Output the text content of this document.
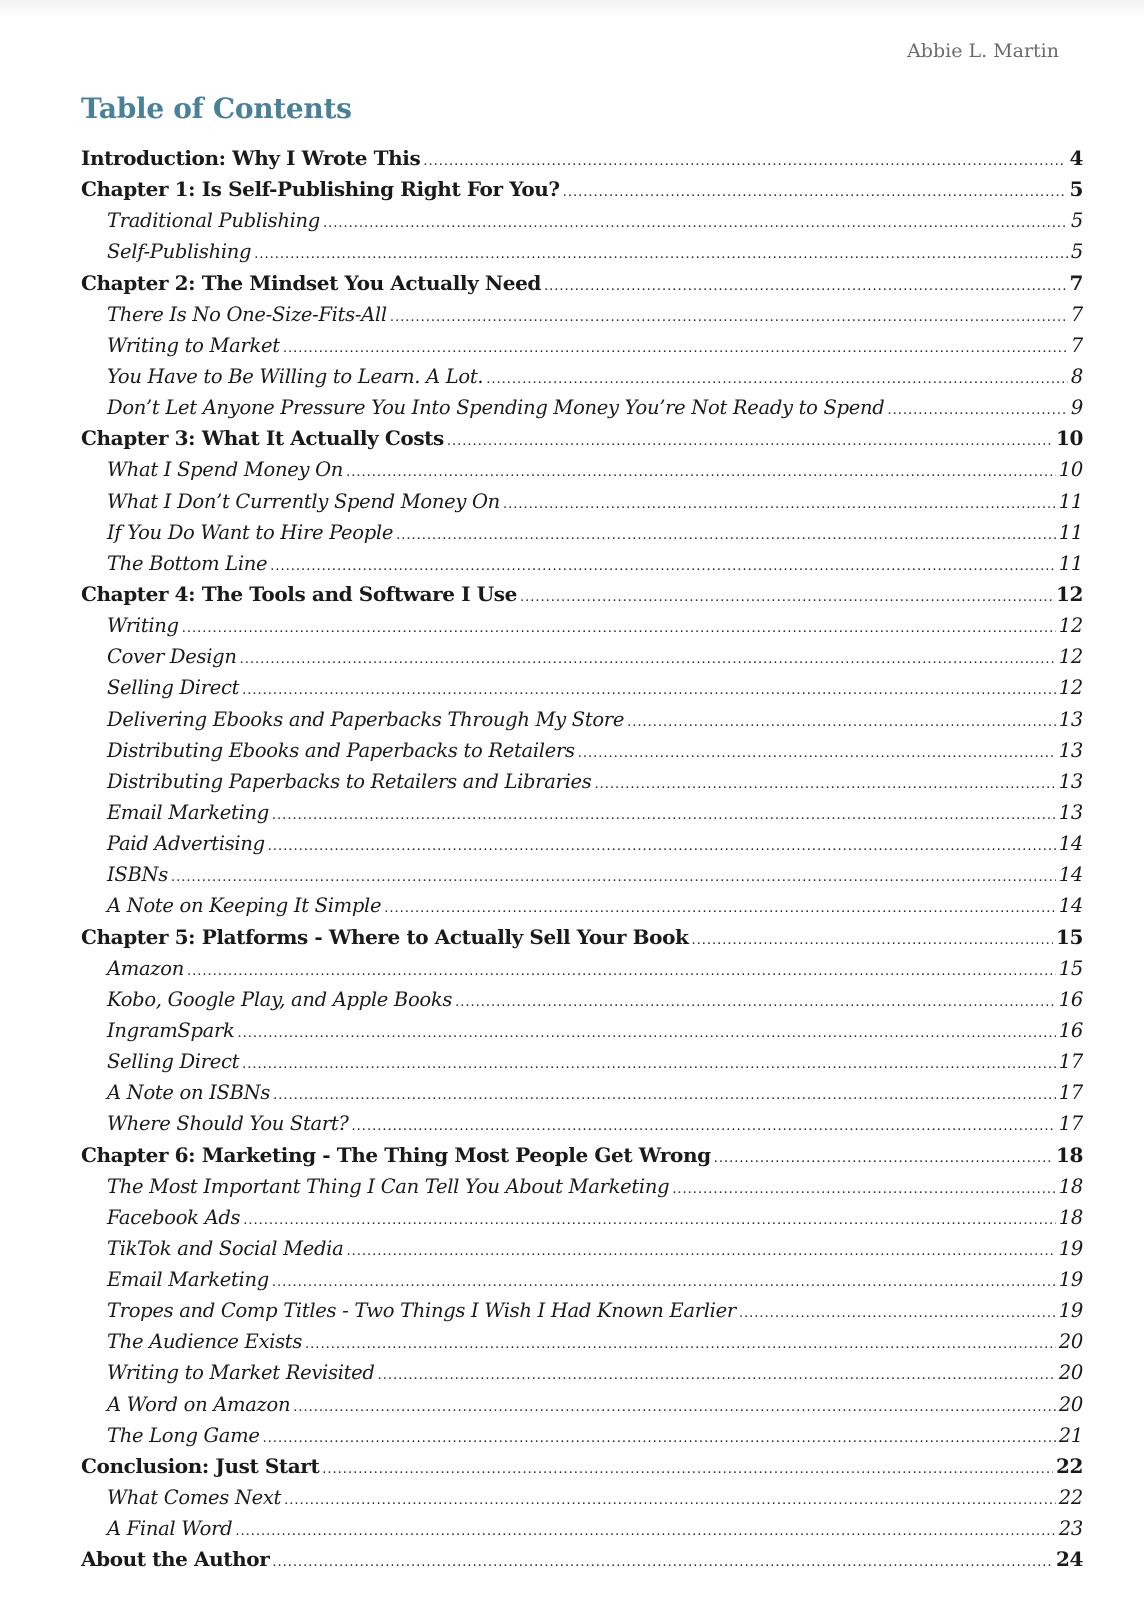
Abbie L. Martin
Table of Contents
Introduction: Why I Wrote This .....	4
Chapter 1: Is Self-Publishing Right For You? .....	5
Traditional Publishing .....	5
Self-Publishing .....	5
Chapter 2: The Mindset You Actually Need .....	7
There Is No One-Size-Fits-All .....	7
Writing to Market .....	7
You Have to Be Willing to Learn. A Lot. .....	8
Don’t Let Anyone Pressure You Into Spending Money You’re Not Ready to Spend .....	9
Chapter 3: What It Actually Costs .....	10
What I Spend Money On .....	10
What I Don’t Currently Spend Money On .....	11
If You Do Want to Hire People .....	11
The Bottom Line .....	11
Chapter 4: The Tools and Software I Use .....	12
Writing .....	12
Cover Design .....	12
Selling Direct .....	12
Delivering Ebooks and Paperbacks Through My Store .....	13
Distributing Ebooks and Paperbacks to Retailers .....	13
Distributing Paperbacks to Retailers and Libraries .....	13
Email Marketing .....	13
Paid Advertising .....	14
ISBNs .....	14
A Note on Keeping It Simple .....	14
Chapter 5: Platforms - Where to Actually Sell Your Book .....	15
Amazon .....	15
Kobo, Google Play, and Apple Books .....	16
IngramSpark .....	16
Selling Direct .....	17
A Note on ISBNs .....	17
Where Should You Start? .....	17
Chapter 6: Marketing - The Thing Most People Get Wrong .....	18
The Most Important Thing I Can Tell You About Marketing .....	18
Facebook Ads .....	18
TikTok and Social Media .....	19
Email Marketing .....	19
Tropes and Comp Titles - Two Things I Wish I Had Known Earlier .....	19
The Audience Exists .....	20
Writing to Market Revisited .....	20
A Word on Amazon .....	20
The Long Game .....	21
Conclusion: Just Start .....	22
What Comes Next .....	22
A Final Word .....	23
About the Author .....	24
